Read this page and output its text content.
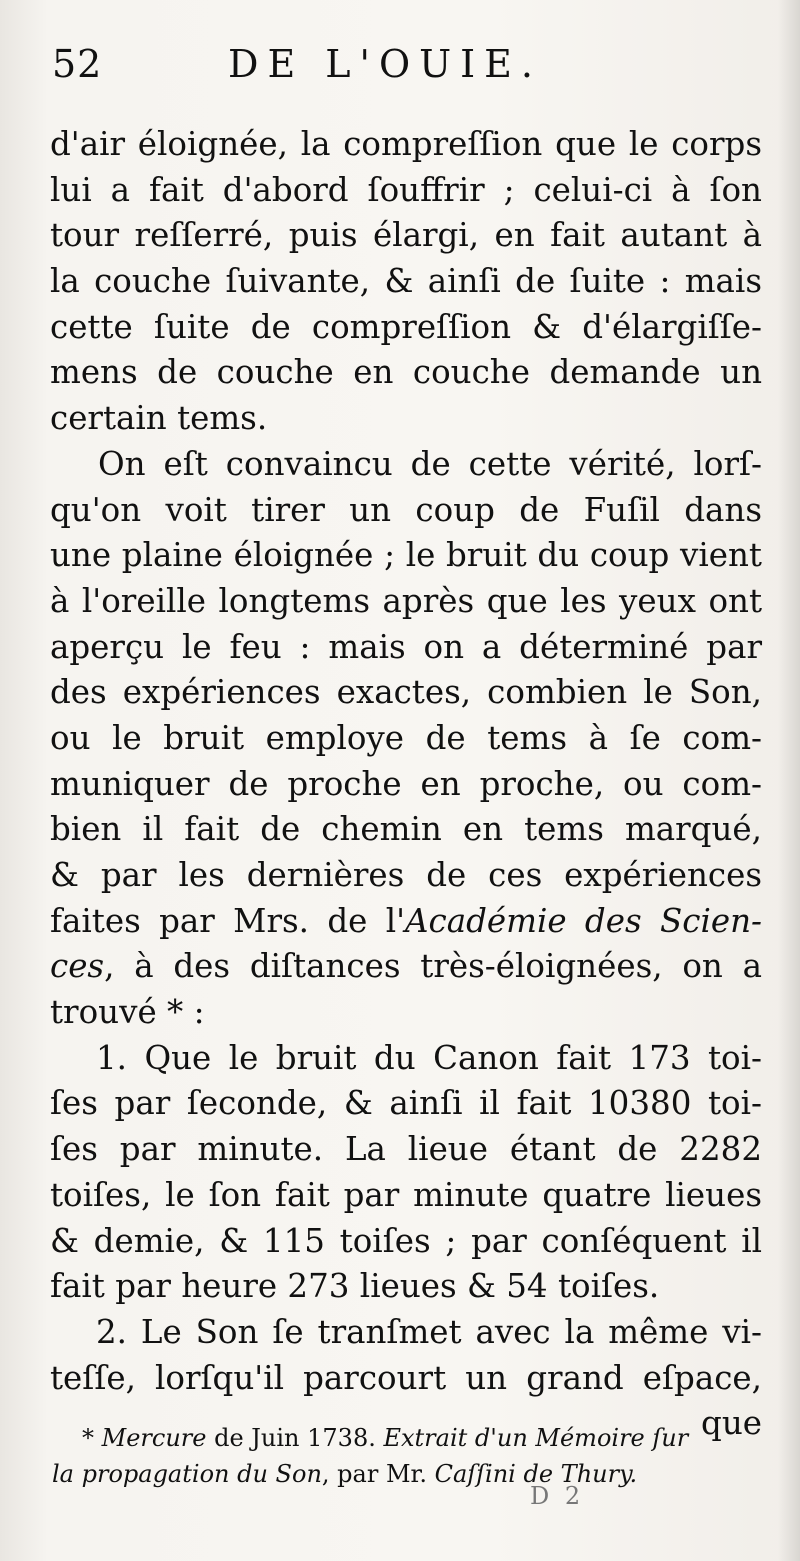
52	DE L'OUIE.
d'air éloignée, la compreſſion que le corps
lui a fait d'abord ſouffrir ; celui-ci à ſon
tour reſſerré, puis élargi, en fait autant à
la couche ſuivante, & ainſi de ſuite : mais
cette ſuite de compreſſion & d'élargiſſe-
mens de couche en couche demande un
certain tems.
On eſt convaincu de cette vérité, lorſ-
qu'on voit tirer un coup de Fuſil dans
une plaine éloignée ; le bruit du coup vient
à l'oreille longtems après que les yeux ont
aperçu le feu : mais on a déterminé par
des expériences exactes, combien le Son,
ou le bruit employe de tems à ſe com-
muniquer de proche en proche, ou com-
bien il fait de chemin en tems marqué,
& par les dernières de ces expériences
faites par Mrs. de l'Académie des Scien-
ces, à des diſtances très-éloignées, on a
trouvé * :
1. Que le bruit du Canon fait 173 toi-
ſes par ſeconde, & ainſi il fait 10380 toi-
ſes par minute. La lieue étant de 2282
toiſes, le ſon fait par minute quatre lieues
& demie, & 115 toiſes ; par conſéquent il
fait par heure 273 lieues & 54 toiſes.
2. Le Son ſe tranſmet avec la même vi-
teſſe, lorſqu'il parcourt un grand eſpace,
que
* Mercure de Juin 1738. Extrait d'un Mémoire ſur
la propagation du Son, par Mr. Caſſini de Thury.
D 2
